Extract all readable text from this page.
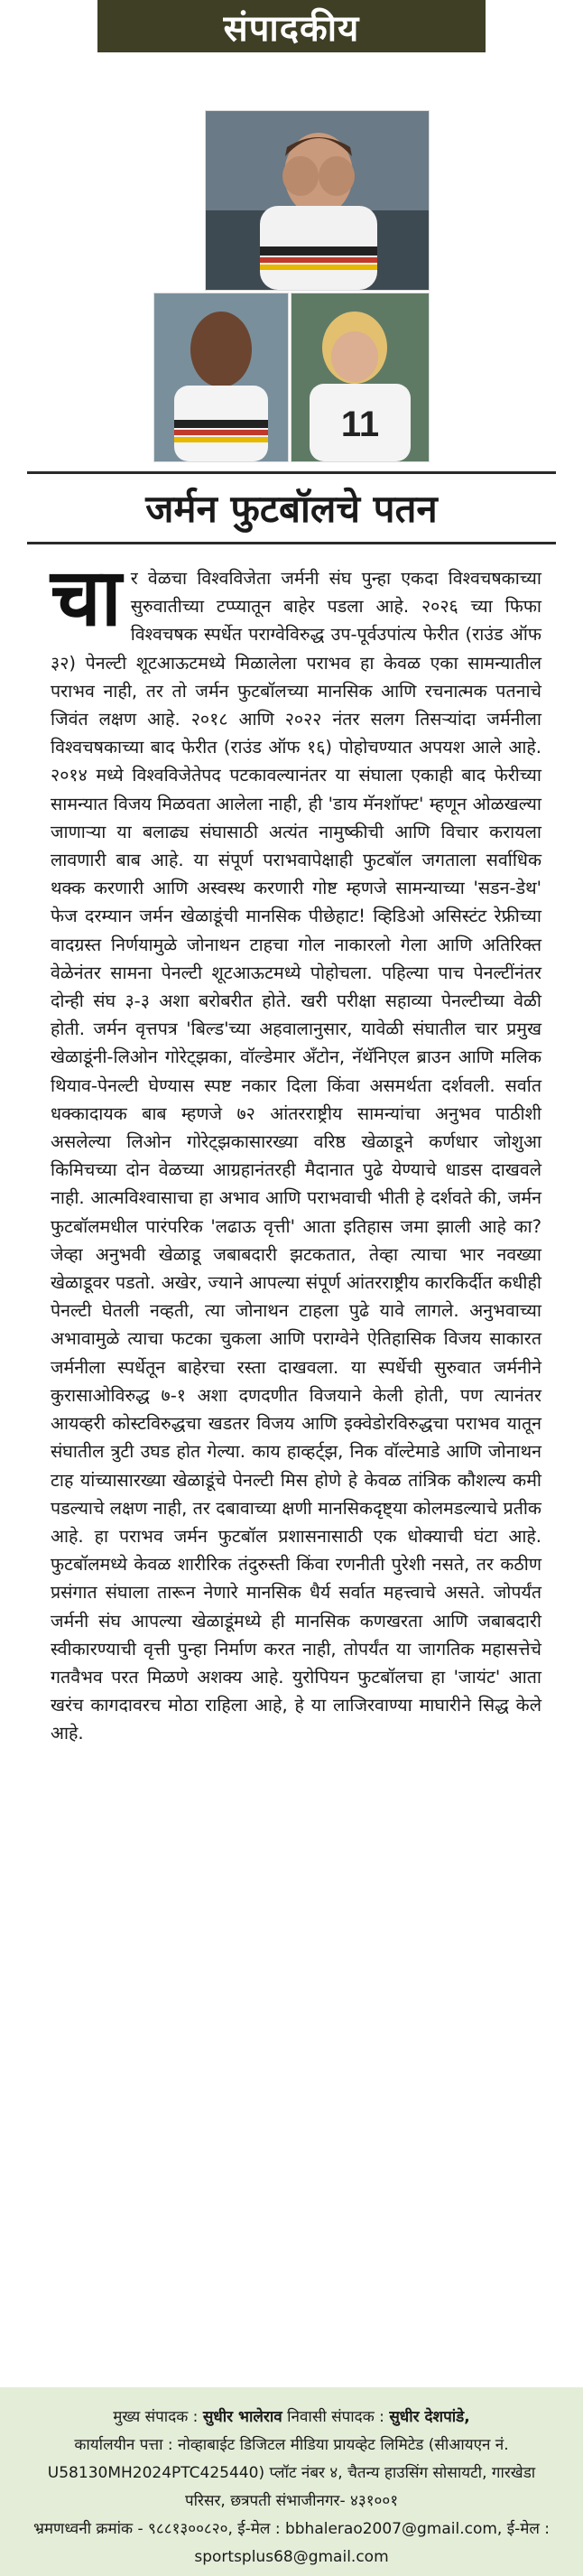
संपादकीय
11
जर्मन फुटबॉलचे पतन
चा र वेळचा विश्वविजेता जर्मनी संघ पुन्हा एकदा विश्वचषकाच्या सुरुवातीच्या टप्प्यातून बाहेर पडला आहे. २०२६ च्या फिफा विश्वचषक स्पर्धेत पराग्वेविरुद्ध उप-पूर्वउपांत्य फेरीत (राउंड ऑफ ३२) पेनल्टी शूटआऊटमध्ये मिळालेला पराभव हा केवळ एका सामन्यातील पराभव नाही, तर तो जर्मन फुटबॉलच्या मानसिक आणि रचनात्मक पतनाचे जिवंत लक्षण आहे. २०१८ आणि २०२२ नंतर सलग तिसऱ्यांदा जर्मनीला विश्वचषकाच्या बाद फेरीत (राउंड ऑफ १६) पोहोचण्यात अपयश आले आहे. २०१४ मध्ये विश्वविजेतेपद पटकावल्यानंतर या संघाला एकाही बाद फेरीच्या सामन्यात विजय मिळवता आलेला नाही, ही 'डाय मॅनशॉफ्ट' म्हणून ओळखल्या जाणाऱ्या या बलाढ्य संघासाठी अत्यंत नामुष्कीची आणि विचार करायला लावणारी बाब आहे. या संपूर्ण पराभवापेक्षाही फुटबॉल जगताला सर्वाधिक थक्क करणारी आणि अस्वस्थ करणारी गोष्ट म्हणजे सामन्याच्या 'सडन-डेथ' फेज दरम्यान जर्मन खेळाडूंची मानसिक पीछेहाट! व्हिडिओ असिस्टंट रेफ्रीच्या वादग्रस्त निर्णयामुळे जोनाथन टाहचा गोल नाकारलो गेला आणि अतिरिक्त वेळेनंतर सामना पेनल्टी शूटआऊटमध्ये पोहोचला. पहिल्या पाच पेनल्टींनंतर दोन्ही संघ ३-३ अशा बरोबरीत होते. खरी परीक्षा सहाव्या पेनल्टीच्या वेळी होती. जर्मन वृत्तपत्र 'बिल्ड'च्या अहवालानुसार, यावेळी संघातील चार प्रमुख खेळाडूंनी-लिओन गोरेट्झका, वॉल्डेमार अँटोन, नॅथॅनिएल ब्राउन आणि मलिक थियाव-पेनल्टी घेण्यास स्पष्ट नकार दिला किंवा असमर्थता दर्शवली. सर्वात धक्कादायक बाब म्हणजे ७२ आंतरराष्ट्रीय सामन्यांचा अनुभव पाठीशी असलेल्या लिओन गोरेट्झकासारख्या वरिष्ठ खेळाडूने कर्णधार जोशुआ किमिचच्या दोन वेळच्या आग्रहानंतरही मैदानात पुढे येण्याचे धाडस दाखवले नाही. आत्मविश्वासाचा हा अभाव आणि पराभवाची भीती हे दर्शवते की, जर्मन फुटबॉलमधील पारंपरिक 'लढाऊ वृत्ती' आता इतिहास जमा झाली आहे का? जेव्हा अनुभवी खेळाडू जबाबदारी झटकतात, तेव्हा त्याचा भार नवख्या खेळाडूवर पडतो. अखेर, ज्याने आपल्या संपूर्ण आंतरराष्ट्रीय कारकिर्दीत कधीही पेनल्टी घेतली नव्हती, त्या जोनाथन टाहला पुढे यावे लागले. अनुभवाच्या अभावामुळे त्याचा फटका चुकला आणि पराग्वेने ऐतिहासिक विजय साकारत जर्मनीला स्पर्धेतून बाहेरचा रस्ता दाखवला. या स्पर्धेची सुरुवात जर्मनीने कुरासाओविरुद्ध ७-१ अशा दणदणीत विजयाने केली होती, पण त्यानंतर आयव्हरी कोस्टविरुद्धचा खडतर विजय आणि इक्वेडोरविरुद्धचा पराभव यातून संघातील त्रुटी उघड होत गेल्या. काय हाव्हर्ट्झ, निक वॉल्टेमाडे आणि जोनाथन टाह यांच्यासारख्या खेळाडूंचे पेनल्टी मिस होणे हे केवळ तांत्रिक कौशल्य कमी पडल्याचे लक्षण नाही, तर दबावाच्या क्षणी मानसिकदृष्ट्या कोलमडल्याचे प्रतीक आहे. हा पराभव जर्मन फुटबॉल प्रशासनासाठी एक धोक्याची घंटा आहे. फुटबॉलमध्ये केवळ शारीरिक तंदुरुस्ती किंवा रणनीती पुरेशी नसते, तर कठीण प्रसंगात संघाला तारून नेणारे मानसिक धैर्य सर्वात महत्त्वाचे असते. जोपर्यंत जर्मनी संघ आपल्या खेळाडूंमध्ये ही मानसिक कणखरता आणि जबाबदारी स्वीकारण्याची वृत्ती पुन्हा निर्माण करत नाही, तोपर्यंत या जागतिक महासत्तेचे गतवैभव परत मिळणे अशक्य आहे. युरोपियन फुटबॉलचा हा 'जायंट' आता खरंच कागदावरच मोठा राहिला आहे, हे या लाजिरवाण्या माघारीने सिद्ध केले आहे.
मुख्य संपादक : सुधीर भालेराव निवासी संपादक : सुधीर देशपांडे,
कार्यालयीन पत्ता : नोव्हाबाईट डिजिटल मीडिया प्रायव्हेट लिमिटेड (सीआयएन नं. U58130MH2024PTC425440) प्लॉट नंबर ४, चैतन्य हाउसिंग सोसायटी, गारखेडा परिसर, छत्रपती संभाजीनगर- ४३१००१
भ्रमणध्वनी क्रमांक - ९८८१३००८२०, ई-मेल : bbhalerao2007@gmail.com, ई-मेल : sportsplus68@gmail.com
